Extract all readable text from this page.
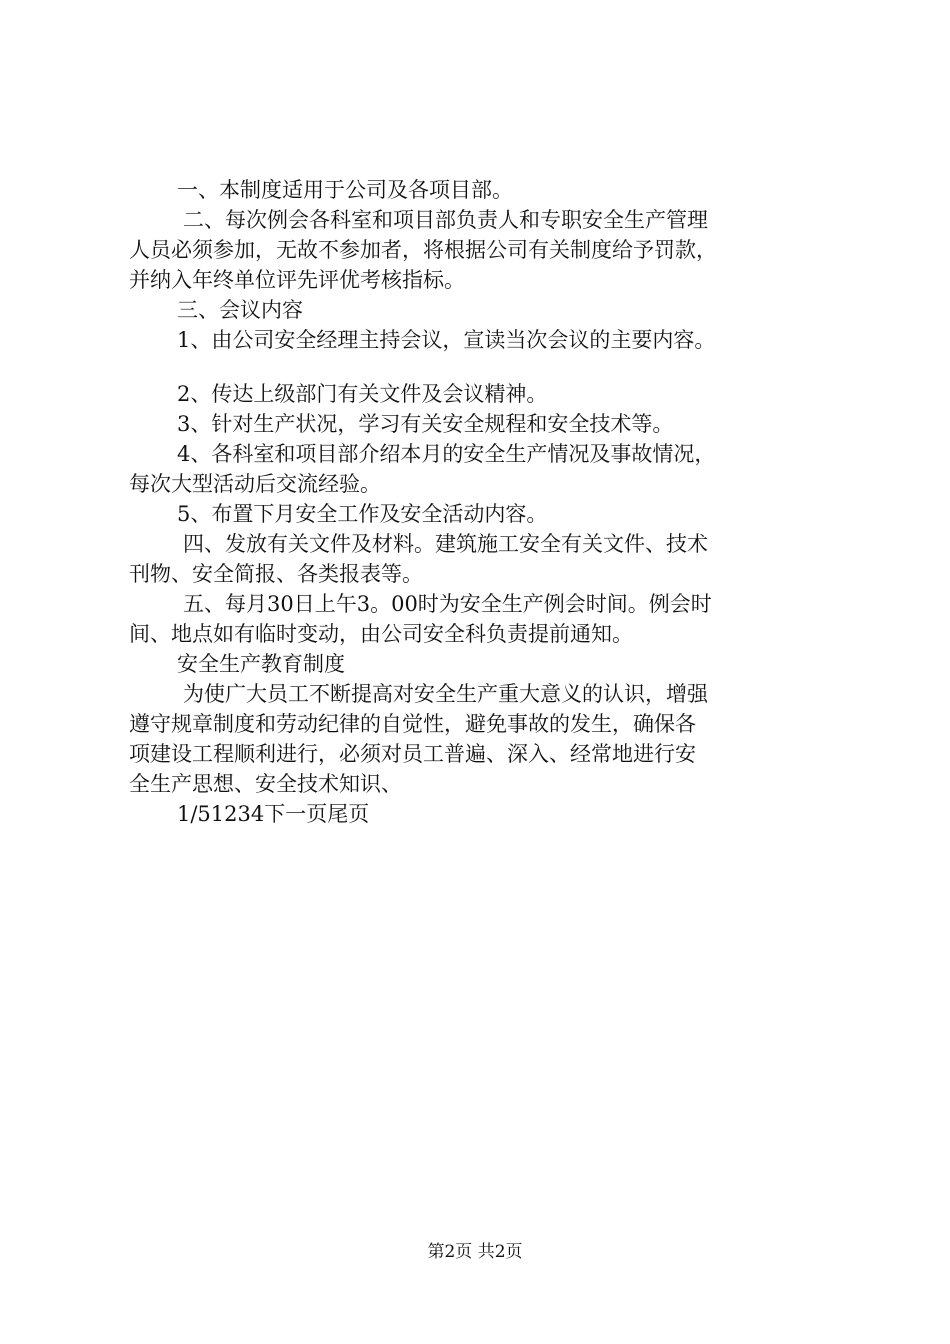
一、本制度适用于公司及各项目部。
二、每次例会各科室和项目部负责人和专职安全生产管理
人员必须参加，无故不参加者，将根据公司有关制度给予罚款，
并纳入年终单位评先评优考核指标。
三、会议内容
1、由公司安全经理主持会议，宣读当次会议的主要内容。
2、传达上级部门有关文件及会议精神。
3、针对生产状况，学习有关安全规程和安全技术等。
4、各科室和项目部介绍本月的安全生产情况及事故情况，
每次大型活动后交流经验。
5、布置下月安全工作及安全活动内容。
四、发放有关文件及材料。建筑施工安全有关文件、技术
刊物、安全简报、各类报表等。
五、每月30日上午3。00时为安全生产例会时间。例会时
间、地点如有临时变动，由公司安全科负责提前通知。
安全生产教育制度
为使广大员工不断提高对安全生产重大意义的认识，增强
遵守规章制度和劳动纪律的自觉性，避免事故的发生，确保各
项建设工程顺利进行，必须对员工普遍、深入、经常地进行安
全生产思想、安全技术知识、
1/51234下一页尾页
第2页 共2页
